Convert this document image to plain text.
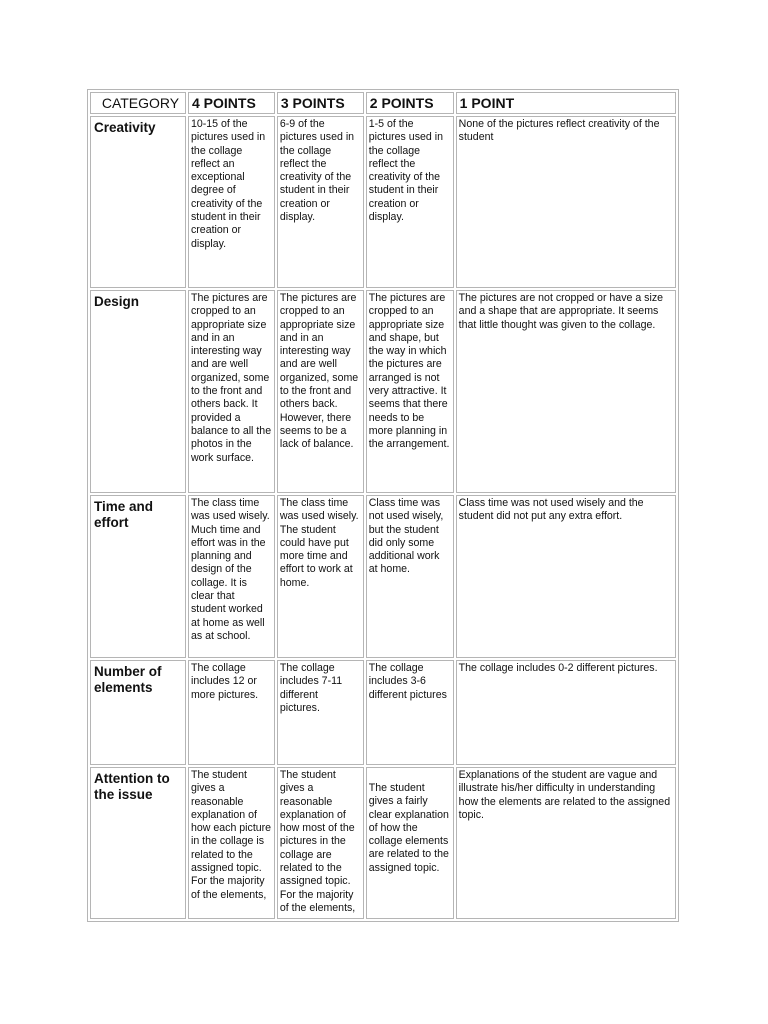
CATEGORY	4 POINTS	3 POINTS	2 POINTS	1 POINT
Creativity	10-15 of the pictures used in the collage reflect an exceptional degree of creativity of the student in their creation or display.	6-9 of the pictures used in the collage reflect the creativity of the student in their creation or display.	1-5 of the pictures used in the collage reflect the creativity of the student in their creation or display.	None of the pictures reflect creativity of the student
Design	The pictures are cropped to an appropriate size and in an interesting way and are well organized, some to the front and others back. It provided a balance to all the photos in the work surface.	The pictures are cropped to an appropriate size and in an interesting way and are well organized, some to the front and others back. However, there seems to be a lack of balance.	The pictures are cropped to an appropriate size and shape, but the way in which the pictures are arranged is not very attractive. It seems that there needs to be more planning in the arrangement.	The pictures are not cropped or have a size and a shape that are appropriate. It seems that little thought was given to the collage.
Time and effort	The class time was used wisely. Much time and effort was in the planning and design of the collage. It is clear that student worked at home as well as at school.	The class time was used wisely. The student could have put more time and effort to work at home.	Class time was not used wisely, but the student did only some additional work at home.	Class time was not used wisely and the student did not put any extra effort.
Number of elements	The collage includes 12 or more pictures.	The collage includes 7-11 different pictures.	The collage includes 3-6 different pictures	The collage includes 0-2 different pictures.
Attention to the issue	The student gives a reasonable explanation of how each picture in the collage is related to the assigned topic. For the majority of the elements,	The student gives a reasonable explanation of how most of the pictures in the collage are related to the assigned topic. For the majority of the elements,	The student gives a fairly clear explanation of how the collage elements are related to the assigned topic.	Explanations of the student are vague and illustrate his/her difficulty in understanding how the elements are related to the assigned topic.
